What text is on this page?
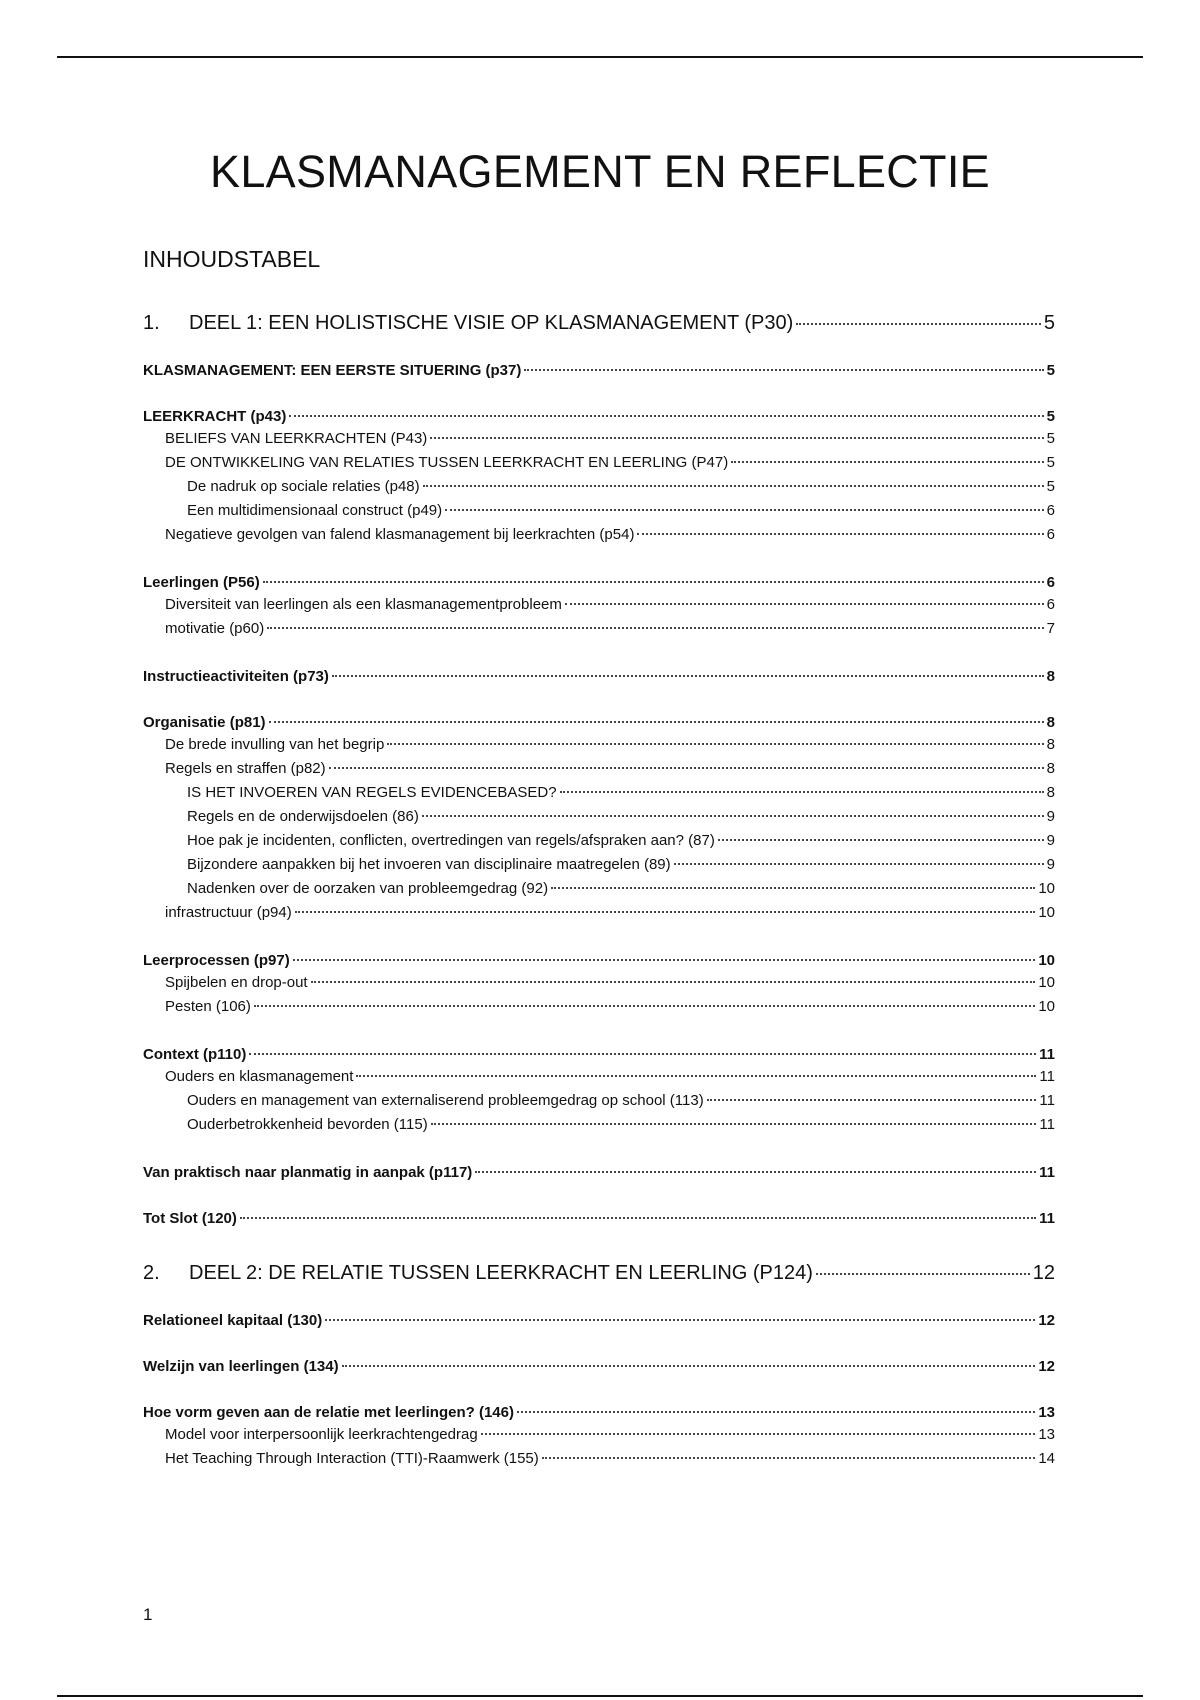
KLASMANAGEMENT EN REFLECTIE
INHOUDSTABEL
1.	DEEL 1: EEN HOLISTISCHE VISIE OP KLASMANAGEMENT (P30)	5
KLASMANAGEMENT: EEN EERSTE SITUERING (p37)	5
LEERKRACHT (p43)	5
BELIEFS VAN LEERKRACHTEN (P43)	5
DE ONTWIKKELING VAN RELATIES TUSSEN LEERKRACHT EN LEERLING (P47)	5
De nadruk op sociale relaties (p48)	5
Een multidimensionaal construct (p49)	6
Negatieve gevolgen van falend klasmanagement bij leerkrachten (p54)	6
Leerlingen (P56)	6
Diversiteit van leerlingen als een klasmanagementprobleem	6
motivatie (p60)	7
Instructieactiviteiten (p73)	8
Organisatie (p81)	8
De brede invulling van het begrip	8
Regels en straffen (p82)	8
IS HET INVOEREN VAN REGELS EVIDENCEBASED?	8
Regels en de onderwijsdoelen (86)	9
Hoe pak je incidenten, conflicten, overtredingen van regels/afspraken aan? (87)	9
Bijzondere aanpakken bij het invoeren van disciplinaire maatregelen (89)	9
Nadenken over de oorzaken van probleemgedrag (92)	10
infrastructuur (p94)	10
Leerprocessen (p97)	10
Spijbelen en drop-out	10
Pesten (106)	10
Context (p110)	11
Ouders en klasmanagement	11
Ouders en management van externaliserend probleemgedrag op school (113)	11
Ouderbetrokkenheid bevorden (115)	11
Van praktisch naar planmatig in aanpak (p117)	11
Tot Slot (120)	11
2.	DEEL 2: DE RELATIE TUSSEN LEERKRACHT EN LEERLING (P124)	12
Relationeel kapitaal (130)	12
Welzijn van leerlingen (134)	12
Hoe vorm geven aan de relatie met leerlingen? (146)	13
Model voor interpersoonlijk leerkrachtengedrag	13
Het Teaching Through Interaction (TTI)-Raamwerk (155)	14
1
